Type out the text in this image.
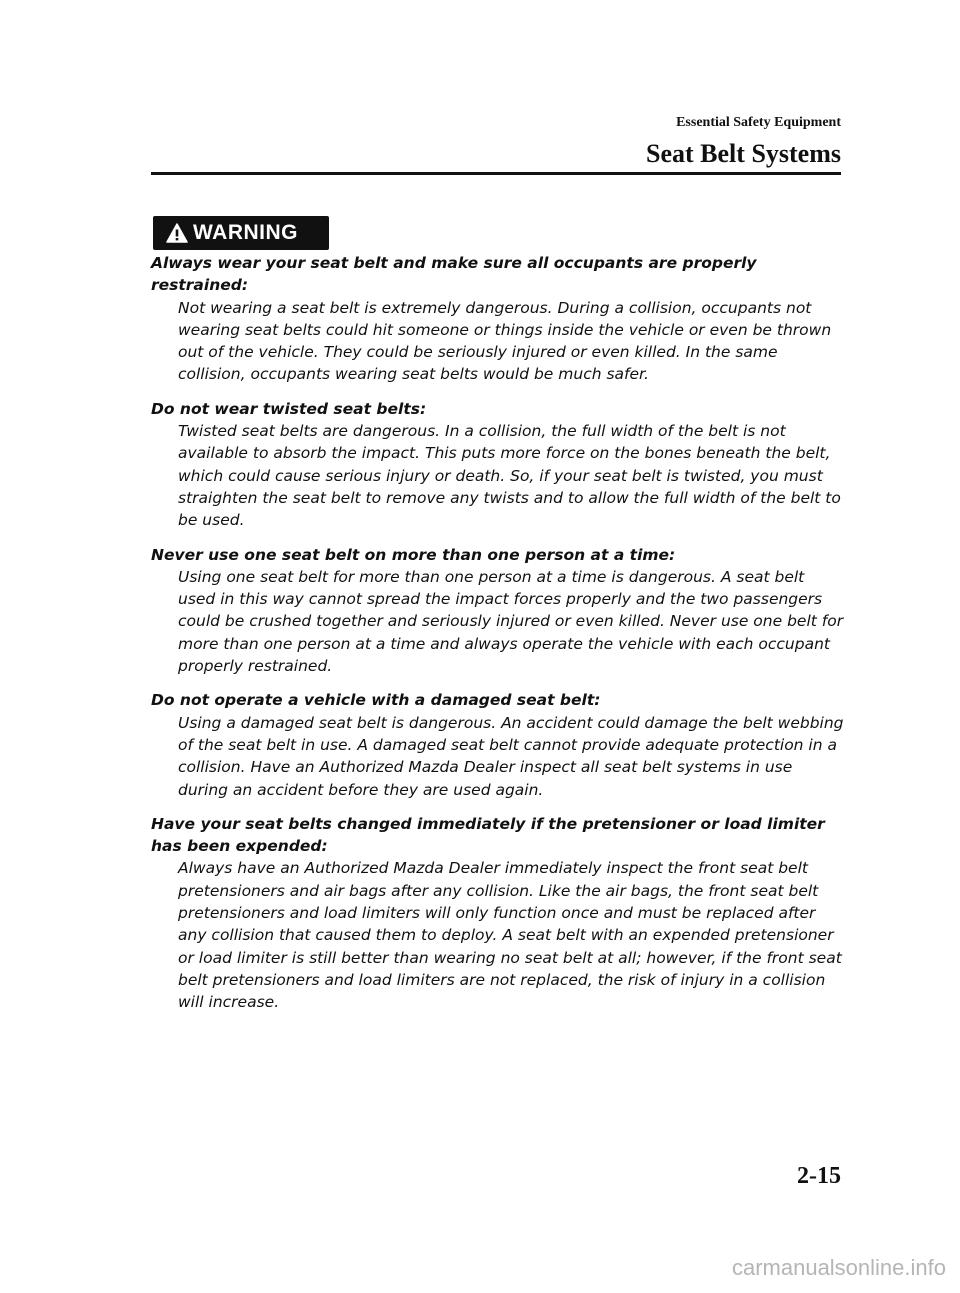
Essential Safety Equipment
Seat Belt Systems
WARNING
Always wear your seat belt and make sure all occupants are properly restrained:
Not wearing a seat belt is extremely dangerous. During a collision, occupants not wearing seat belts could hit someone or things inside the vehicle or even be thrown out of the vehicle. They could be seriously injured or even killed. In the same collision, occupants wearing seat belts would be much safer.
Do not wear twisted seat belts:
Twisted seat belts are dangerous. In a collision, the full width of the belt is not available to absorb the impact. This puts more force on the bones beneath the belt, which could cause serious injury or death. So, if your seat belt is twisted, you must straighten the seat belt to remove any twists and to allow the full width of the belt to be used.
Never use one seat belt on more than one person at a time:
Using one seat belt for more than one person at a time is dangerous. A seat belt used in this way cannot spread the impact forces properly and the two passengers could be crushed together and seriously injured or even killed. Never use one belt for more than one person at a time and always operate the vehicle with each occupant properly restrained.
Do not operate a vehicle with a damaged seat belt:
Using a damaged seat belt is dangerous. An accident could damage the belt webbing of the seat belt in use. A damaged seat belt cannot provide adequate protection in a collision. Have an Authorized Mazda Dealer inspect all seat belt systems in use during an accident before they are used again.
Have your seat belts changed immediately if the pretensioner or load limiter has been expended:
Always have an Authorized Mazda Dealer immediately inspect the front seat belt pretensioners and air bags after any collision. Like the air bags, the front seat belt pretensioners and load limiters will only function once and must be replaced after any collision that caused them to deploy. A seat belt with an expended pretensioner or load limiter is still better than wearing no seat belt at all; however, if the front seat belt pretensioners and load limiters are not replaced, the risk of injury in a collision will increase.
2-15
carmanualsonline.info
